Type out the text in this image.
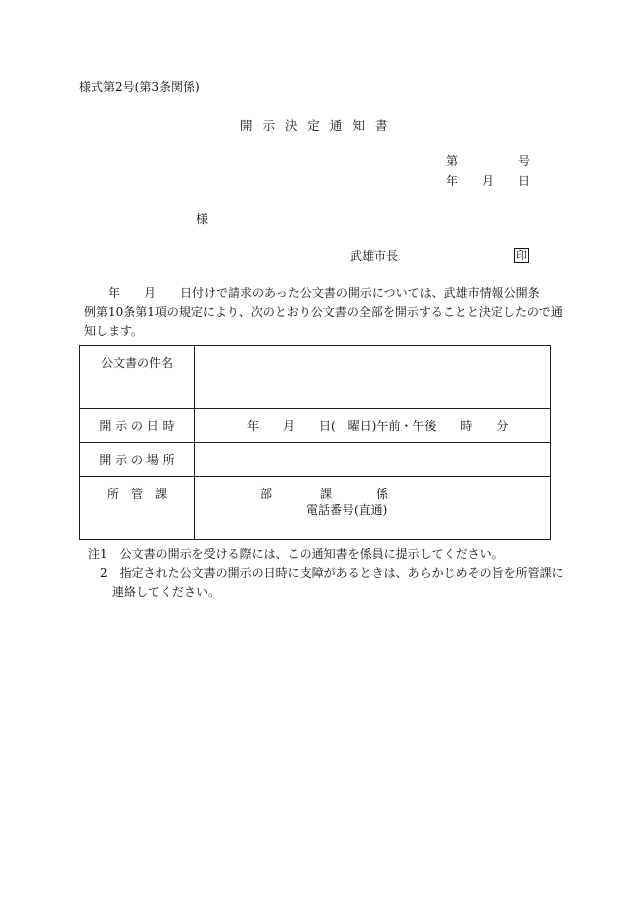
様式第2号(第3条関係)
開 示 決 定 通 知 書
第　　　　　号
年　　月　　日
様
武雄市長	印
　　年　　月　　日付けで請求のあった公文書の開示については、武雄市情報公開条
例第10条第1項の規定により、次のとおり公文書の全部を開示することと決定したので通
知します。
公文書の件名	
開 示 の 日 時	年　　月　　日(　曜日)午前・午後　　時　　分
開 示 の 場 所	
所　管　課	部 課 係
電話番号(直通)
注1　公文書の開示を受ける際には、この通知書を係員に提示してください。
　2　指定された公文書の開示の日時に支障があるときは、あらかじめその旨を所管課に
　　連絡してください。
